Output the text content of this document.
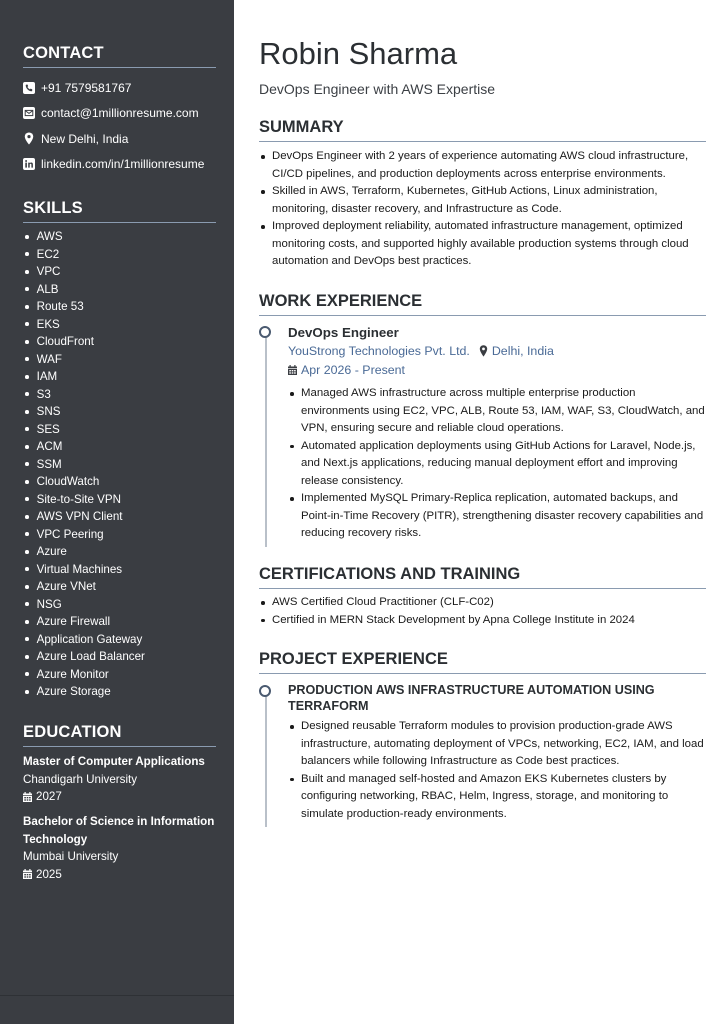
CONTACT
+91 7579581767
contact@1millionresume.com
New Delhi, India
linkedin.com/in/1millionresume
SKILLS
AWS
EC2
VPC
ALB
Route 53
EKS
CloudFront
WAF
IAM
S3
SNS
SES
ACM
SSM
CloudWatch
Site-to-Site VPN
AWS VPN Client
VPC Peering
Azure
Virtual Machines
Azure VNet
NSG
Azure Firewall
Application Gateway
Azure Load Balancer
Azure Monitor
Azure Storage
EDUCATION
Master of Computer Applications
Chandigarh University
2027
Bachelor of Science in Information Technology
Mumbai University
2025
Robin Sharma
DevOps Engineer with AWS Expertise
SUMMARY
DevOps Engineer with 2 years of experience automating AWS cloud infrastructure, CI/CD pipelines, and production deployments across enterprise environments.
Skilled in AWS, Terraform, Kubernetes, GitHub Actions, Linux administration, monitoring, disaster recovery, and Infrastructure as Code.
Improved deployment reliability, automated infrastructure management, optimized monitoring costs, and supported highly available production systems through cloud automation and DevOps best practices.
WORK EXPERIENCE
DevOps Engineer
YouStrong Technologies Pvt. Ltd. Delhi, India
Apr 2026 - Present
Managed AWS infrastructure across multiple enterprise production environments using EC2, VPC, ALB, Route 53, IAM, WAF, S3, CloudWatch, and VPN, ensuring secure and reliable cloud operations.
Automated application deployments using GitHub Actions for Laravel, Node.js, and Next.js applications, reducing manual deployment effort and improving release consistency.
Implemented MySQL Primary-Replica replication, automated backups, and Point-in-Time Recovery (PITR), strengthening disaster recovery capabilities and reducing recovery risks.
CERTIFICATIONS AND TRAINING
AWS Certified Cloud Practitioner (CLF-C02)
Certified in MERN Stack Development by Apna College Institute in 2024
PROJECT EXPERIENCE
PRODUCTION AWS INFRASTRUCTURE AUTOMATION USING TERRAFORM
Designed reusable Terraform modules to provision production-grade AWS infrastructure, automating deployment of VPCs, networking, EC2, IAM, and load balancers while following Infrastructure as Code best practices.
Built and managed self-hosted and Amazon EKS Kubernetes clusters by configuring networking, RBAC, Helm, Ingress, storage, and monitoring to simulate production-ready environments.
